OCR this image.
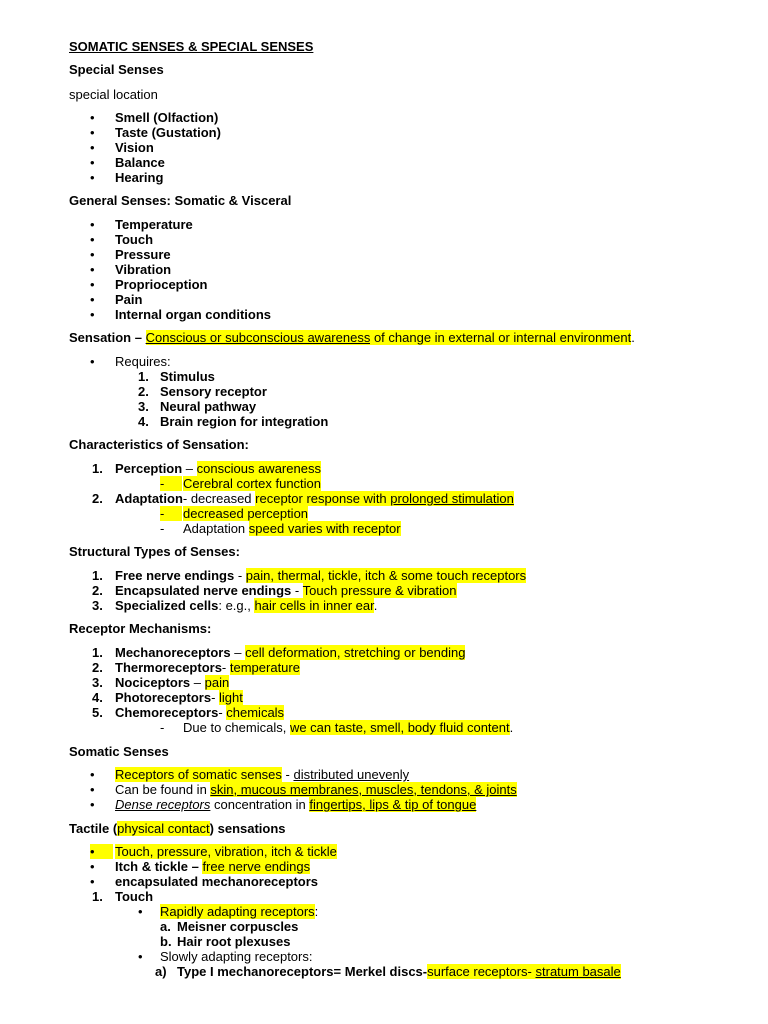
SOMATIC SENSES & SPECIAL SENSES
Special Senses
special location
• Smell (Olfaction)
• Taste (Gustation)
• Vision
• Balance
• Hearing
General Senses: Somatic & Visceral
• Temperature
• Touch
• Pressure
• Vibration
• Proprioception
• Pain
• Internal organ conditions
Sensation – Conscious or subconscious awareness of change in external or internal environment.
• Requires:
1. Stimulus
2. Sensory receptor
3. Neural pathway
4. Brain region for integration
Characteristics of Sensation:
1. Perception – conscious awareness
- Cerebral cortex function
2. Adaptation- decreased receptor response with prolonged stimulation
- decreased perception
- Adaptation speed varies with receptor
Structural Types of Senses:
1. Free nerve endings - pain, thermal, tickle, itch & some touch receptors
2. Encapsulated nerve endings - Touch pressure & vibration
3. Specialized cells: e.g., hair cells in inner ear.
Receptor Mechanisms:
1. Mechanoreceptors – cell deformation, stretching or bending
2. Thermoreceptors- temperature
3. Nociceptors – pain
4. Photoreceptors- light
5. Chemoreceptors- chemicals
- Due to chemicals, we can taste, smell, body fluid content.
Somatic Senses
• Receptors of somatic senses - distributed unevenly
• Can be found in skin, mucous membranes, muscles, tendons, & joints
• Dense receptors concentration in fingertips, lips & tip of tongue
Tactile (physical contact) sensations
• Touch, pressure, vibration, itch & tickle
• Itch & tickle – free nerve endings
• encapsulated mechanoreceptors
1. Touch
• Rapidly adapting receptors:
a. Meisner corpuscles
b. Hair root plexuses
• Slowly adapting receptors:
a) Type I mechanoreceptors= Merkel discs-surface receptors- stratum basale
